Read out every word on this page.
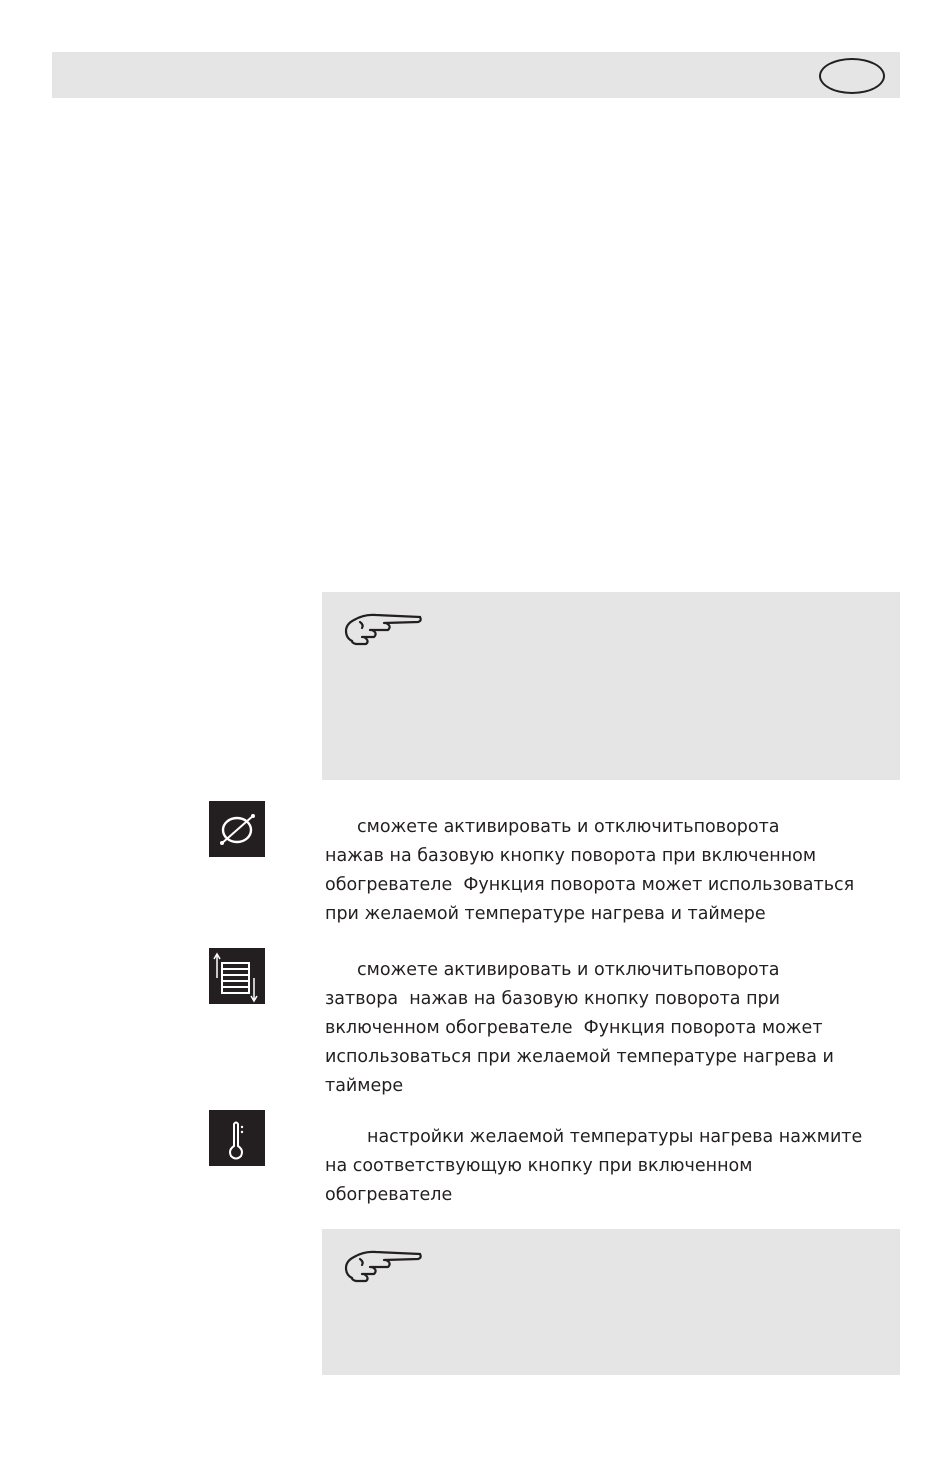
сможете активировать и отключитьповорота
нажав на базовую кнопку поворота при включенном
обогревателе  Функция поворота может использоваться
при желаемой температуре нагрева и таймере
сможете активировать и отключитьповорота
затвора  нажав на базовую кнопку поворота при
включенном обогревателе  Функция поворота может
использоваться при желаемой температуре нагрева и
таймере
настройки желаемой температуры нагрева нажмите
на соответствующую кнопку при включенном
обогревателе
